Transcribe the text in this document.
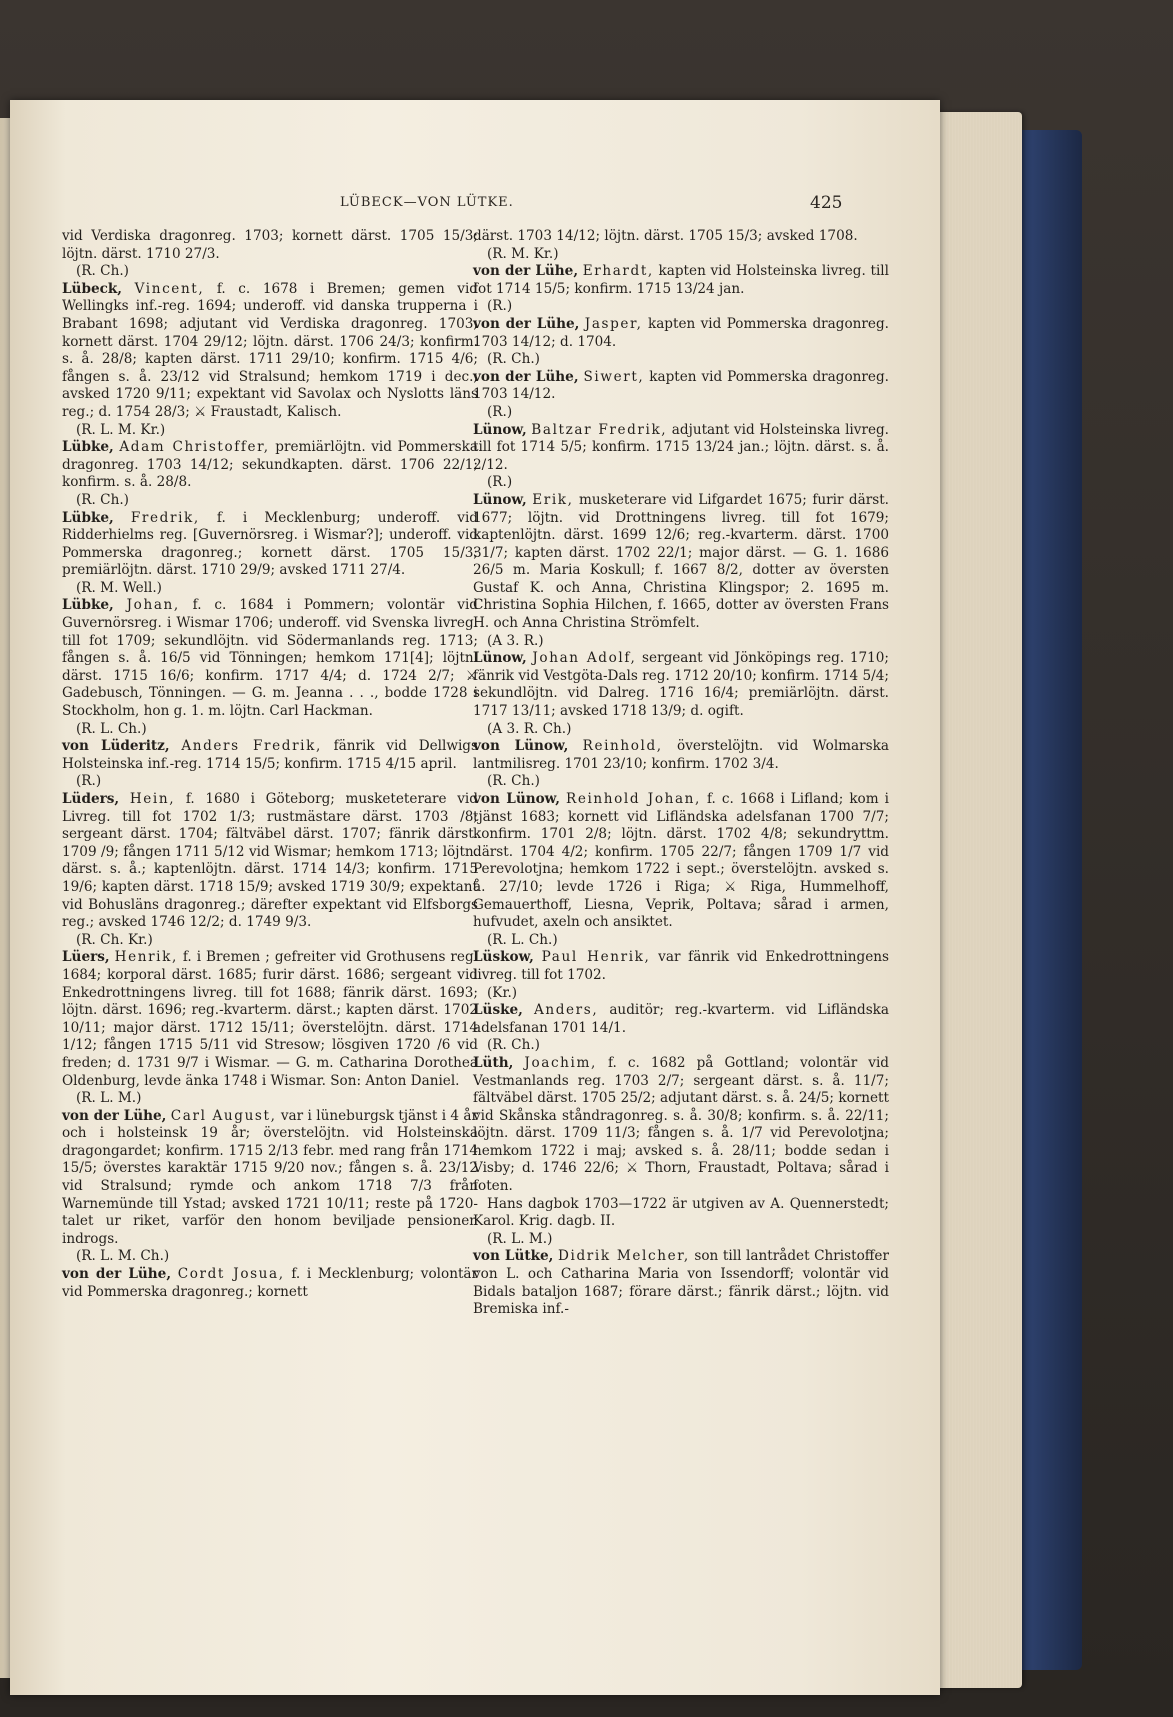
LÜBECK—VON LÜTKE.	425

vid Verdiska dragonreg. 1703; kornett därst. 1705 15/3; löjtn. därst. 1710 27/3.
(R. Ch.)

Lübeck, Vincent, f. c. 1678 i Bremen; gemen vid Wellingks inf.-reg. 1694; underoff. vid danska trupperna i Brabant 1698; adjutant vid Verdiska dragonreg. 1703; kornett därst. 1704 29/12; löjtn. därst. 1706 24/3; konfirm. s. å. 28/8; kapten därst. 1711 29/10; konfirm. 1715 4/6; fången s. å. 23/12 vid Stralsund; hemkom 1719 i dec.; avsked 1720 9/11; expektant vid Savolax och Nyslotts läns reg.; d. 1754 28/3; ⚔ Fraustadt, Kalisch.
(R. L. M. Kr.)

Lübke, Adam Christoffer, premiärlöjtn. vid Pommerska dragonreg. 1703 14/12; sekundkapten. därst. 1706 22/1; konfirm. s. å. 28/8.
(R. Ch.)

Lübke, Fredrik, f. i Mecklenburg; underoff. vid Ridderhielms reg. [Guvernörsreg. i Wismar?]; underoff. vid Pommerska dragonreg.; kornett därst. 1705 15/3; premiärlöjtn. därst. 1710 29/9; avsked 1711 27/4.
(R. M. Well.)

Lübke, Johan, f. c. 1684 i Pommern; volontär vid Guvernörsreg. i Wismar 1706; underoff. vid Svenska livreg. till fot 1709; sekundlöjtn. vid Södermanlands reg. 1713; fången s. å. 16/5 vid Tönningen; hemkom 171[4]; löjtn. därst. 1715 16/6; konfirm. 1717 4/4; d. 1724 2/7; ⚔ Gadebusch, Tönningen. — G. m. Jeanna . . ., bodde 1728 i Stockholm, hon g. 1. m. löjtn. Carl Hackman.
(R. L. Ch.)

von Lüderitz, Anders Fredrik, fänrik vid Dellwigs Holsteinska inf.-reg. 1714 15/5; konfirm. 1715 4/15 april.
(R.)

Lüders, Hein, f. 1680 i Göteborg; musketeterare vid Livreg. till fot 1702 1/3; rustmästare därst. 1703 /8; sergeant därst. 1704; fältväbel därst. 1707; fänrik därst. 1709 /9; fången 1711 5/12 vid Wismar; hemkom 1713; löjtn. därst. s. å.; kaptenlöjtn. därst. 1714 14/3; konfirm. 1715 19/6; kapten därst. 1718 15/9; avsked 1719 30/9; expektant vid Bohusläns dragonreg.; därefter expektant vid Elfsborgs reg.; avsked 1746 12/2; d. 1749 9/3.
(R. Ch. Kr.)

Lüers, Henrik, f. i Bremen ; gefreiter vid Grothusens reg. 1684; korporal därst. 1685; furir därst. 1686; sergeant vid Enkedrottningens livreg. till fot 1688; fänrik därst. 1693; löjtn. därst. 1696; reg.-kvarterm. därst.; kapten därst. 1702 10/11; major därst. 1712 15/11; överstelöjtn. därst. 1714 1/12; fången 1715 5/11 vid Stresow; lösgiven 1720 /6 vid freden; d. 1731 9/7 i Wismar. — G. m. Catharina Dorothea Oldenburg, levde änka 1748 i Wismar. Son: Anton Daniel.
(R. L. M.)

von der Lühe, Carl August, var i lüneburgsk tjänst i 4 år och i holsteinsk 19 år; överstelöjtn. vid Holsteinska dragongardet; konfirm. 1715 2/13 febr. med rang från 1714 15/5; överstes karaktär 1715 9/20 nov.; fången s. å. 23/12 vid Stralsund; rymde och ankom 1718 7/3 från Warnemünde till Ystad; avsked 1721 10/11; reste på 1720-talet ur riket, varför den honom beviljade pensionen indrogs.
(R. L. M. Ch.)

von der Lühe, Cordt Josua, f. i Mecklenburg; volontär vid Pommerska dragonreg.; kornett

därst. 1703 14/12; löjtn. därst. 1705 15/3; avsked 1708.
(R. M. Kr.)

von der Lühe, Erhardt, kapten vid Holsteinska livreg. till fot 1714 15/5; konfirm. 1715 13/24 jan.
(R.)

von der Lühe, Jasper, kapten vid Pommerska dragonreg. 1703 14/12; d. 1704.
(R. Ch.)

von der Lühe, Siwert, kapten vid Pommerska dragonreg. 1703 14/12.
(R.)

Lünow, Baltzar Fredrik, adjutant vid Holsteinska livreg. till fot 1714 5/5; konfirm. 1715 13/24 jan.; löjtn. därst. s. å. 2/12.
(R.)

Lünow, Erik, musketerare vid Lifgardet 1675; furir därst. 1677; löjtn. vid Drottningens livreg. till fot 1679; kaptenlöjtn. därst. 1699 12/6; reg.-kvarterm. därst. 1700 31/7; kapten därst. 1702 22/1; major därst. — G. 1. 1686 26/5 m. Maria Koskull; f. 1667 8/2, dotter av översten Gustaf K. och Anna, Christina Klingspor; 2. 1695 m. Christina Sophia Hilchen, f. 1665, dotter av översten Frans H. och Anna Christina Strömfelt.
(A 3. R.)

Lünow, Johan Adolf, sergeant vid Jönköpings reg. 1710; fänrik vid Vestgöta-Dals reg. 1712 20/10; konfirm. 1714 5/4; sekundlöjtn. vid Dalreg. 1716 16/4; premiärlöjtn. därst. 1717 13/11; avsked 1718 13/9; d. ogift.
(A 3. R. Ch.)

von Lünow, Reinhold, överstelöjtn. vid Wolmarska lantmilisreg. 1701 23/10; konfirm. 1702 3/4.
(R. Ch.)

von Lünow, Reinhold Johan, f. c. 1668 i Lifland; kom i tjänst 1683; kornett vid Lifländska adelsfanan 1700 7/7; konfirm. 1701 2/8; löjtn. därst. 1702 4/8; sekundryttm. därst. 1704 4/2; konfirm. 1705 22/7; fången 1709 1/7 vid Perevolotjna; hemkom 1722 i sept.; överstelöjtn. avsked s. å. 27/10; levde 1726 i Riga; ⚔ Riga, Hummelhoff, Gemauerthoff, Liesna, Veprik, Poltava; sårad i armen, hufvudet, axeln och ansiktet.
(R. L. Ch.)

Lüskow, Paul Henrik, var fänrik vid Enkedrottningens livreg. till fot 1702.
(Kr.)

Lüske, Anders, auditör; reg.-kvarterm. vid Lifländska adelsfanan 1701 14/1.
(R. Ch.)

Lüth, Joachim, f. c. 1682 på Gottland; volontär vid Vestmanlands reg. 1703 2/7; sergeant därst. s. å. 11/7; fältväbel därst. 1705 25/2; adjutant därst. s. å. 24/5; kornett vid Skånska ståndragonreg. s. å. 30/8; konfirm. s. å. 22/11; löjtn. därst. 1709 11/3; fången s. å. 1/7 vid Perevolotjna; hemkom 1722 i maj; avsked s. å. 28/11; bodde sedan i Visby; d. 1746 22/6; ⚔ Thorn, Fraustadt, Poltava; sårad i foten.
Hans dagbok 1703—1722 är utgiven av A. Quennerstedt; Karol. Krig. dagb. II.
(R. L. M.)

von Lütke, Didrik Melcher, son till lantrådet Christoffer von L. och Catharina Maria von Issendorff; volontär vid Bidals bataljon 1687; förare därst.; fänrik därst.; löjtn. vid Bremiska inf.-
